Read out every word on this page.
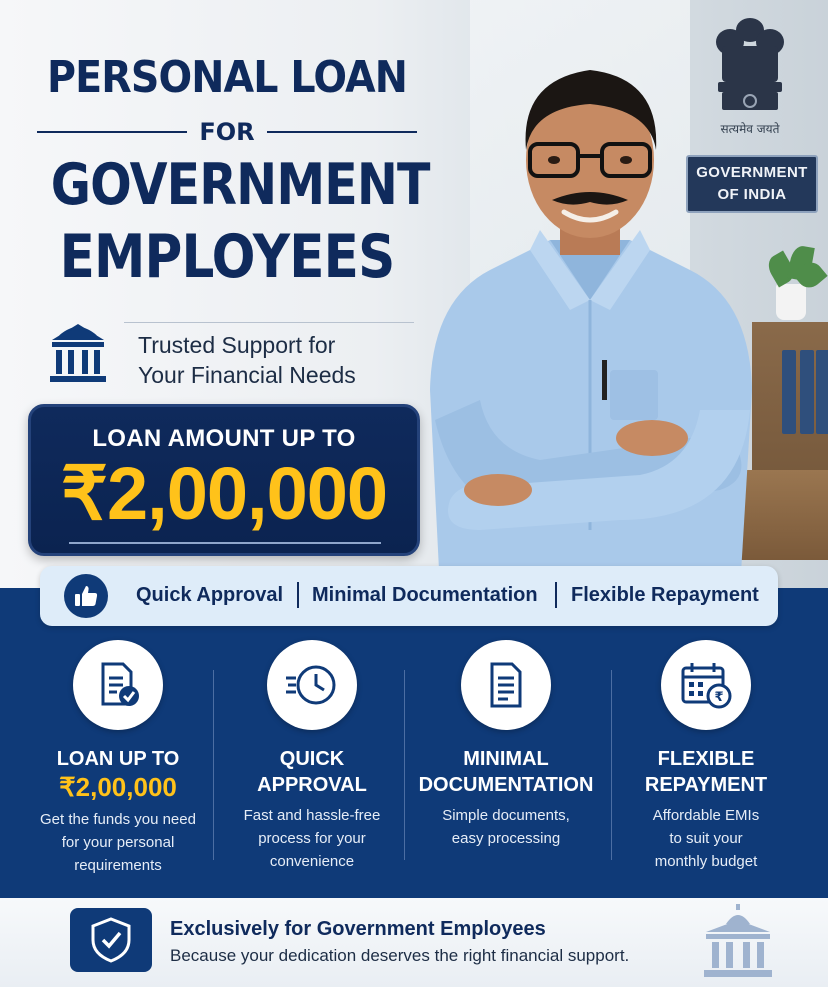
सत्यमेव जयते
GOVERNMENT
OF INDIA
PERSONAL LOAN
FOR
GOVERNMENT
EMPLOYEES
Trusted Support for
Your Financial Needs
LOAN AMOUNT UP TO
₹2,00,000
Quick Approval Minimal Documentation Flexible Repayment
LOAN UP TO
₹2,00,000
Get the funds you need
for your personal
requirements
QUICK
APPROVAL
Fast and hassle-free
process for your
convenience
MINIMAL
DOCUMENTATION
Simple documents,
easy processing
₹
FLEXIBLE
REPAYMENT
Affordable EMIs
to suit your
monthly budget
Exclusively for Government Employees
Because your dedication deserves the right financial support.
